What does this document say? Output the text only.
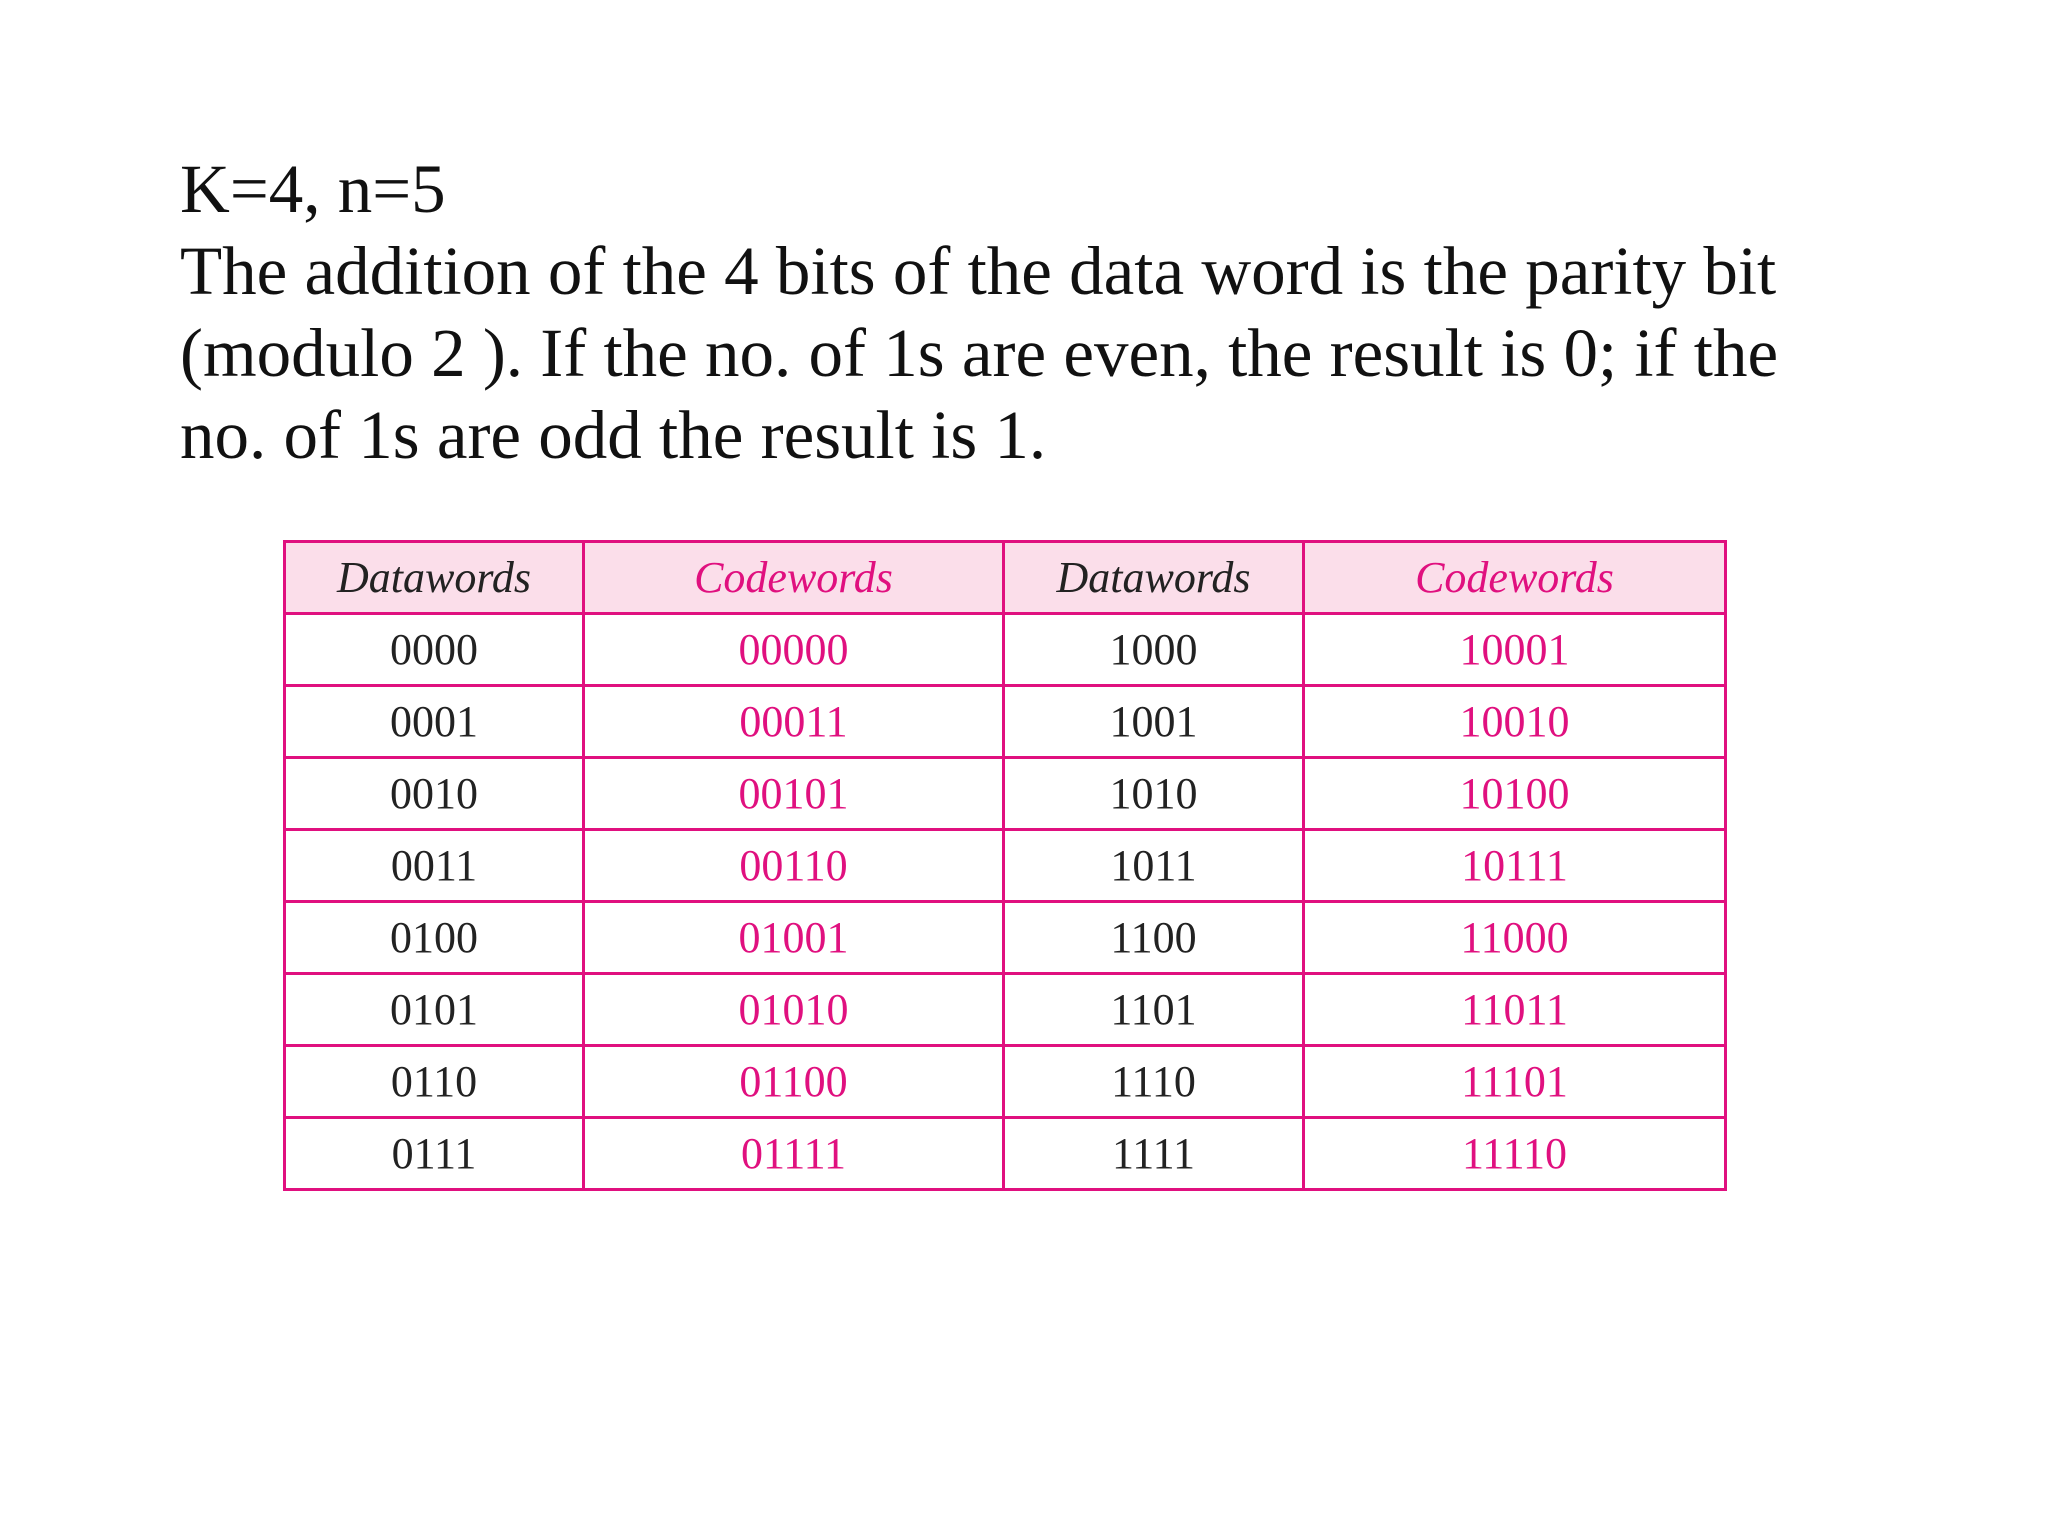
K=4, n=5

The addition of the 4 bits of the data word is the parity bit (modulo 2 ). If the no. of 1s are even, the result is 0; if the no. of 1s are odd the result is 1.

Datawords	Codewords	Datawords	Codewords
0000	00000	1000	10001
0001	00011	1001	10010
0010	00101	1010	10100
0011	00110	1011	10111
0100	01001	1100	11000
0101	01010	1101	11011
0110	01100	1110	11101
0111	01111	1111	11110
